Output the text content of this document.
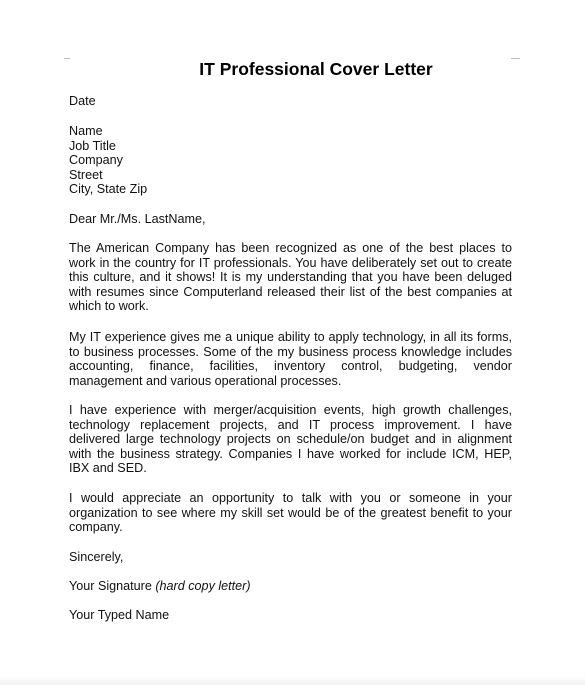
IT Professional Cover Letter
Date
Name
Job Title
Company
Street
City, State Zip
Dear Mr./Ms. LastName,
The American Company has been recognized as one of the best places to
work in the country for IT professionals. You have deliberately set out to create
this culture, and it shows! It is my understanding that you have been deluged
with resumes since Computerland released their list of the best companies at
which to work.
My IT experience gives me a unique ability to apply technology, in all its forms,
to business processes. Some of the my business process knowledge includes
accounting, finance, facilities, inventory control, budgeting, vendor
management and various operational processes.
I have experience with merger/acquisition events, high growth challenges,
technology replacement projects, and IT process improvement. I have
delivered large technology projects on schedule/on budget and in alignment
with the business strategy. Companies I have worked for include ICM, HEP,
IBX and SED.
I would appreciate an opportunity to talk with you or someone in your
organization to see where my skill set would be of the greatest benefit to your
company.
Sincerely,
Your Signature (hard copy letter)
Your Typed Name
